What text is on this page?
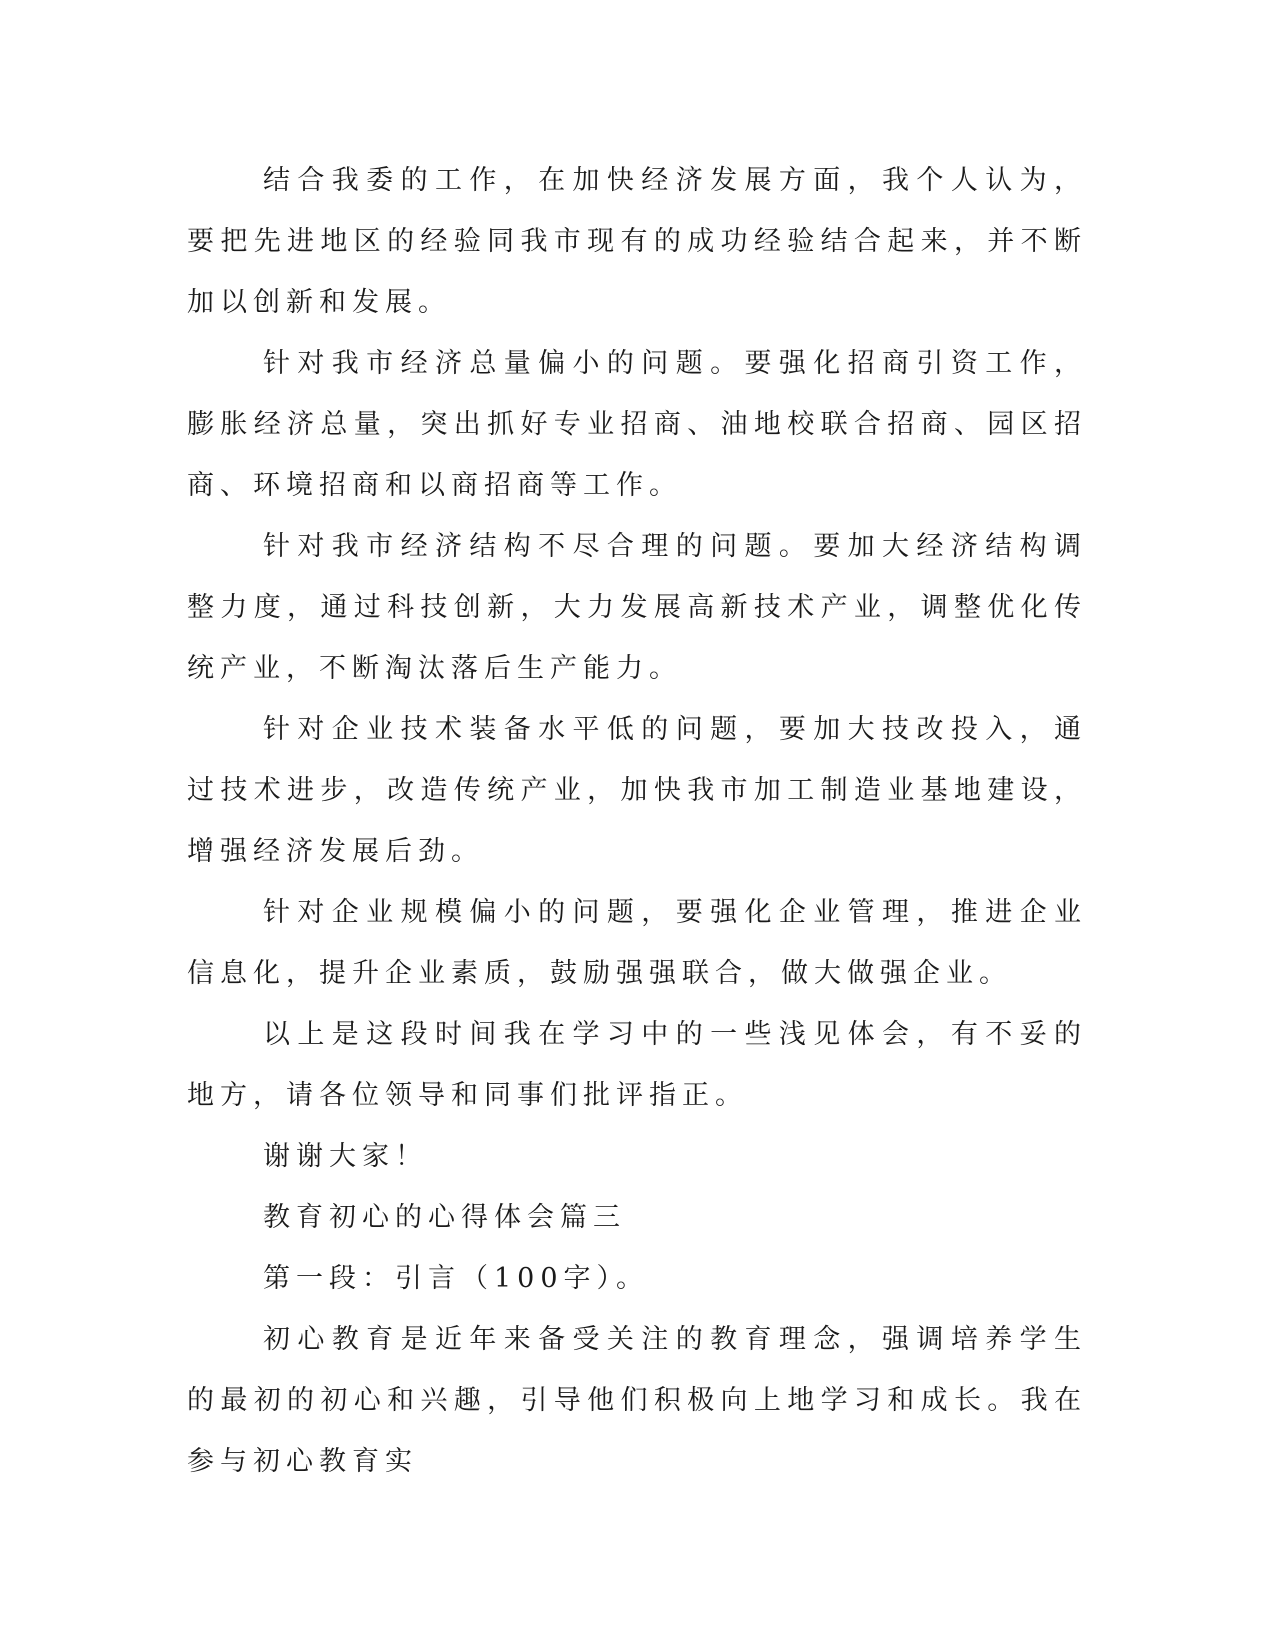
结合我委的工作，在加快经济发展方面，我个人认为，要把先进地区的经验同我市现有的成功经验结合起来，并不断加以创新和发展。

针对我市经济总量偏小的问题。要强化招商引资工作，膨胀经济总量，突出抓好专业招商、油地校联合招商、园区招商、环境招商和以商招商等工作。

针对我市经济结构不尽合理的问题。要加大经济结构调整力度，通过科技创新，大力发展高新技术产业，调整优化传统产业，不断淘汰落后生产能力。

针对企业技术装备水平低的问题，要加大技改投入，通过技术进步，改造传统产业，加快我市加工制造业基地建设，增强经济发展后劲。

针对企业规模偏小的问题，要强化企业管理，推进企业信息化，提升企业素质，鼓励强强联合，做大做强企业。

以上是这段时间我在学习中的一些浅见体会，有不妥的地方，请各位领导和同事们批评指正。

谢谢大家！

教育初心的心得体会篇三

第一段：引言（100字）。

初心教育是近年来备受关注的教育理念，强调培养学生的最初的初心和兴趣，引导他们积极向上地学习和成长。我在参与初心教育实
